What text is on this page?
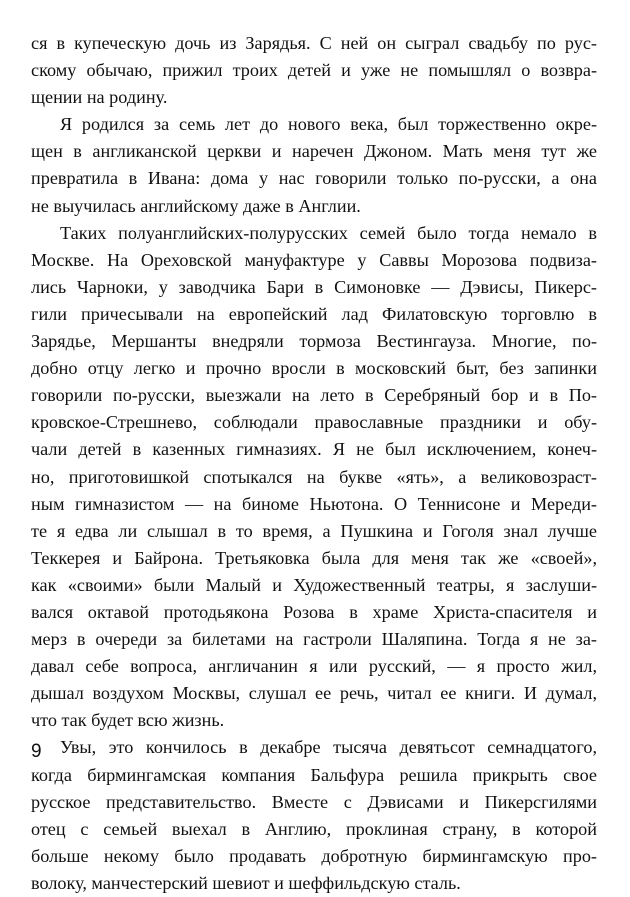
ся в купеческую дочь из Зарядья. С ней он сыграл свадьбу по рус-
скому обычаю, прижил троих детей и уже не помышлял о возвра-
щении на родину.

Я родился за семь лет до нового века, был торжественно окре-
щен в англиканской церкви и наречен Джоном. Мать меня тут же
превратила в Ивана: дома у нас говорили только по-русски, а она
не выучилась английскому даже в Англии.

Таких полуанглийских-полурусских семей было тогда немало в
Москве. На Ореховской мануфактуре у Саввы Морозова подвиза-
лись Чарноки, у заводчика Бари в Симоновке — Дэвисы, Пикерс-
гили причесывали на европейский лад Филатовскую торговлю в
Зарядье, Мершанты внедряли тормоза Вестингауза. Многие, по-
добно отцу легко и прочно вросли в московский быт, без запинки
говорили по-русски, выезжали на лето в Серебряный бор и в По-
кровское-Стрешнево, соблюдали православные праздники и обу-
чали детей в казенных гимназиях. Я не был исключением, конеч-
но, приготовишкой спотыкался на букве «ять», а великовозраст-
ным гимназистом — на биноме Ньютона. О Теннисоне и Мереди-
те я едва ли слышал в то время, а Пушкина и Гоголя знал лучше
Теккерея и Байрона. Третьяковка была для меня так же «своей»,
как «своими» были Малый и Художественный театры, я заслуши-
вался октавой протодьякона Розова в храме Христа-спасителя и
мерз в очереди за билетами на гастроли Шаляпина. Тогда я не за-
давал себе вопроса, англичанин я или русский, — я просто жил,
дышал воздухом Москвы, слушал ее речь, читал ее книги. И думал,
что так будет всю жизнь.

Увы, это кончилось в декабре тысяча девятьсот семнадцатого,
когда бирмингамская компания Бальфура решила прикрыть свое
русское представительство. Вместе с Дэвисами и Пикерсгилями
отец с семьей выехал в Англию, проклиная страну, в которой
больше некому было продавать добротную бирмингамскую про-
волоку, манчестерский шевиот и шеффильдскую сталь.

9
